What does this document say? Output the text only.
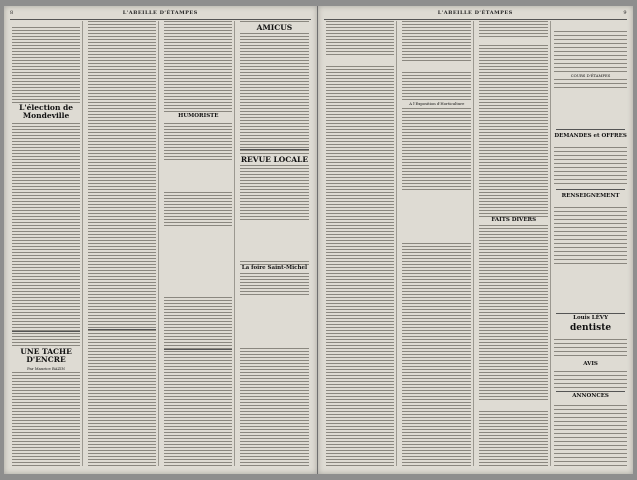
8	L'ABEILLE D'ÉTAMPES
L'élection de Mondeville
UNE TACHE D'ENCRE
Par Maurice BAZIN
HUMORISTE
AMICUS
REVUE LOCALE
La foire Saint-Michel
L'ABEILLE D'ÉTAMPES	9
A l'Exposition d'Horticulture
FAITS DIVERS
COURS D'ÉTAMPES
DEMANDES et OFFRES
RENSEIGNEMENT
Louis LÉVY
dentiste
AVIS
ANNONCES
